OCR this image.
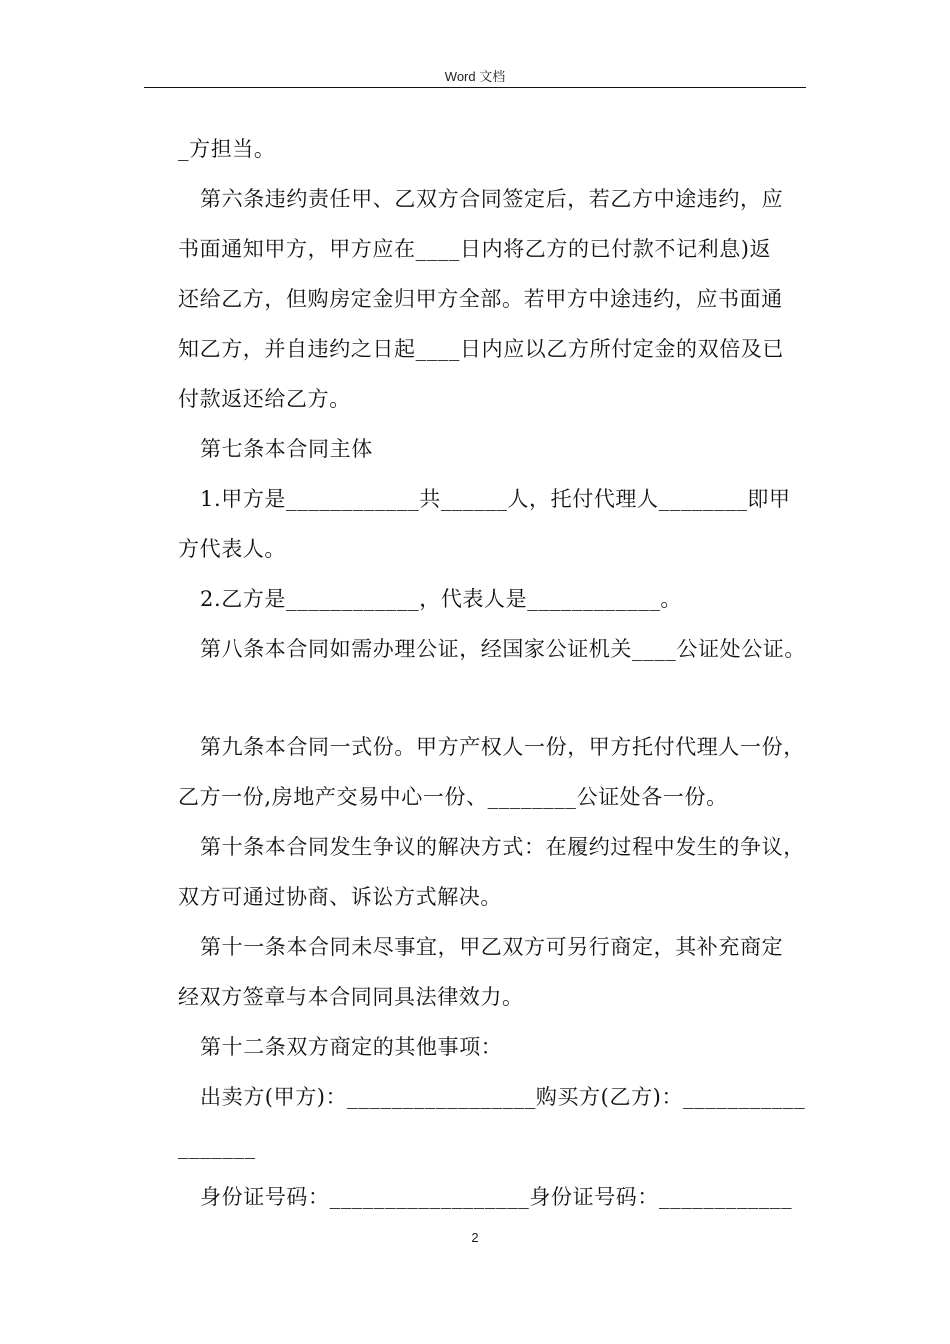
Word 文档
_方担当。
第六条违约责任甲、乙双方合同签定后，若乙方中途违约，应
书面通知甲方，甲方应在____日内将乙方的已付款不记利息)返
还给乙方，但购房定金归甲方全部。若甲方中途违约，应书面通
知乙方，并自违约之日起____日内应以乙方所付定金的双倍及已
付款返还给乙方。
第七条本合同主体
1.甲方是____________共______人，托付代理人________即甲
方代表人。
2.乙方是____________，代表人是____________。
第八条本合同如需办理公证，经国家公证机关____公证处公证。
第九条本合同一式份。甲方产权人一份，甲方托付代理人一份，
乙方一份,房地产交易中心一份、________公证处各一份。
第十条本合同发生争议的解决方式：在履约过程中发生的争议，
双方可通过协商、诉讼方式解决。
第十一条本合同未尽事宜，甲乙双方可另行商定，其补充商定
经双方签章与本合同同具法律效力。
第十二条双方商定的其他事项：
出卖方(甲方)：_________________购买方(乙方)：___________
_______
身份证号码：__________________身份证号码：____________
2
